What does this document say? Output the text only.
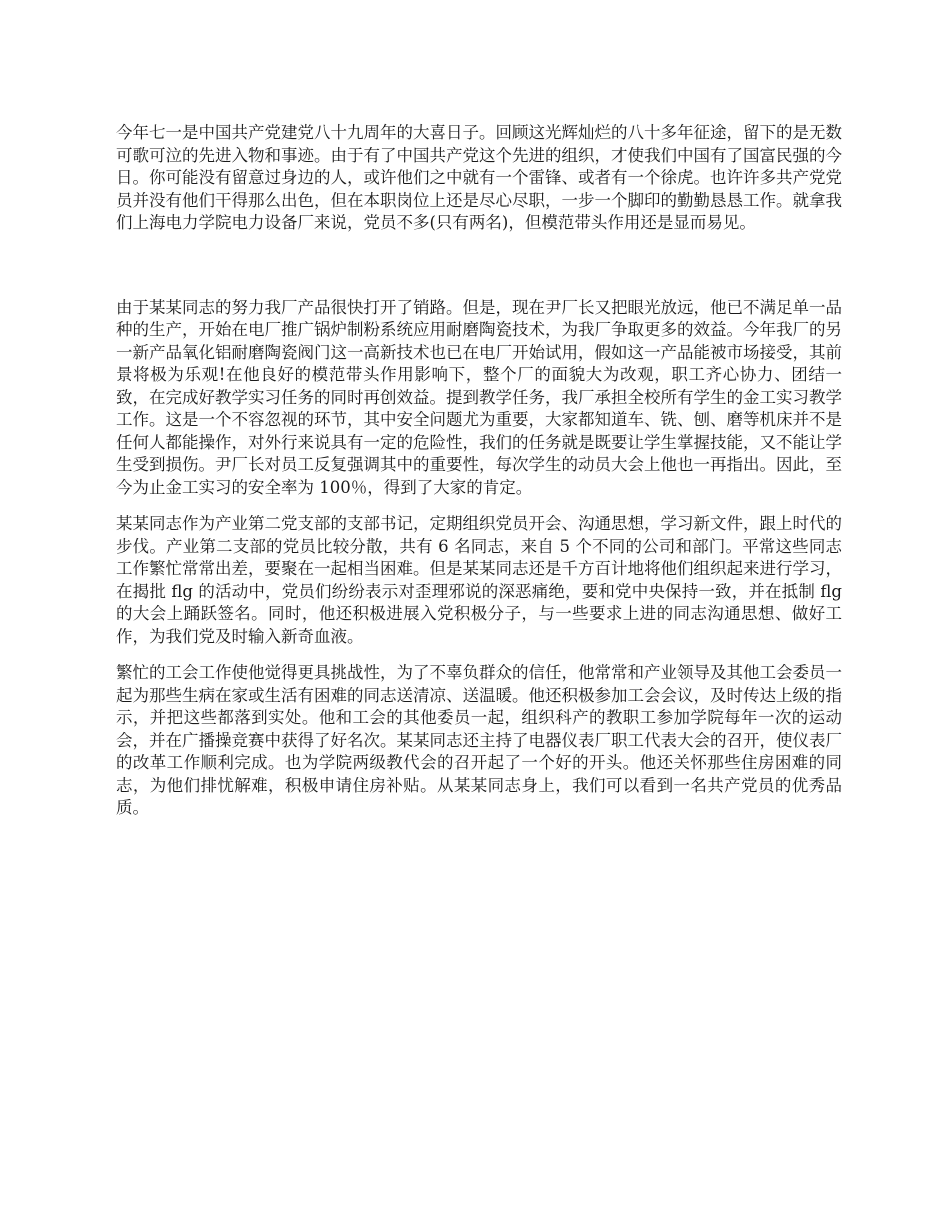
今年七一是中国共产党建党八十九周年的大喜日子。回顾这光辉灿烂的八十多年征途，留下的是无数可歌可泣的先进入物和事迹。由于有了中国共产党这个先进的组织，才使我们中国有了国富民强的今日。你可能没有留意过身边的人，或许他们之中就有一个雷锋、或者有一个徐虎。也许许多共产党党员并没有他们干得那么出色，但在本职岗位上还是尽心尽职，一步一个脚印的勤勤恳恳工作。就拿我们上海电力学院电力设备厂来说，党员不多(只有两名)，但模范带头作用还是显而易见。

由于某某同志的努力我厂产品很快打开了销路。但是，现在尹厂长又把眼光放远，他已不满足单一品种的生产，开始在电厂推广锅炉制粉系统应用耐磨陶瓷技术，为我厂争取更多的效益。今年我厂的另一新产品氧化铝耐磨陶瓷阀门这一高新技术也已在电厂开始试用，假如这一产品能被市场接受，其前景将极为乐观!在他良好的模范带头作用影响下，整个厂的面貌大为改观，职工齐心协力、团结一致，在完成好教学实习任务的同时再创效益。提到教学任务，我厂承担全校所有学生的金工实习教学工作。这是一个不容忽视的环节，其中安全问题尤为重要，大家都知道车、铣、刨、磨等机床并不是任何人都能操作，对外行来说具有一定的危险性，我们的任务就是既要让学生掌握技能，又不能让学生受到损伤。尹厂长对员工反复强调其中的重要性，每次学生的动员大会上他也一再指出。因此，至今为止金工实习的安全率为 100％，得到了大家的肯定。

某某同志作为产业第二党支部的支部书记，定期组织党员开会、沟通思想，学习新文件，跟上时代的步伐。产业第二支部的党员比较分散，共有 6 名同志，来自 5 个不同的公司和部门。平常这些同志工作繁忙常常出差，要聚在一起相当困难。但是某某同志还是千方百计地将他们组织起来进行学习，在揭批 flg 的活动中，党员们纷纷表示对歪理邪说的深恶痛绝，要和党中央保持一致，并在抵制 flg 的大会上踊跃签名。同时，他还积极进展入党积极分子，与一些要求上进的同志沟通思想、做好工作，为我们党及时输入新奇血液。

繁忙的工会工作使他觉得更具挑战性，为了不辜负群众的信任，他常常和产业领导及其他工会委员一起为那些生病在家或生活有困难的同志送清凉、送温暖。他还积极参加工会会议，及时传达上级的指示，并把这些都落到实处。他和工会的其他委员一起，组织科产的教职工参加学院每年一次的运动会，并在广播操竞赛中获得了好名次。某某同志还主持了电器仪表厂职工代表大会的召开，使仪表厂的改革工作顺利完成。也为学院两级教代会的召开起了一个好的开头。他还关怀那些住房困难的同志，为他们排忧解难，积极申请住房补贴。从某某同志身上，我们可以看到一名共产党员的优秀品质。
